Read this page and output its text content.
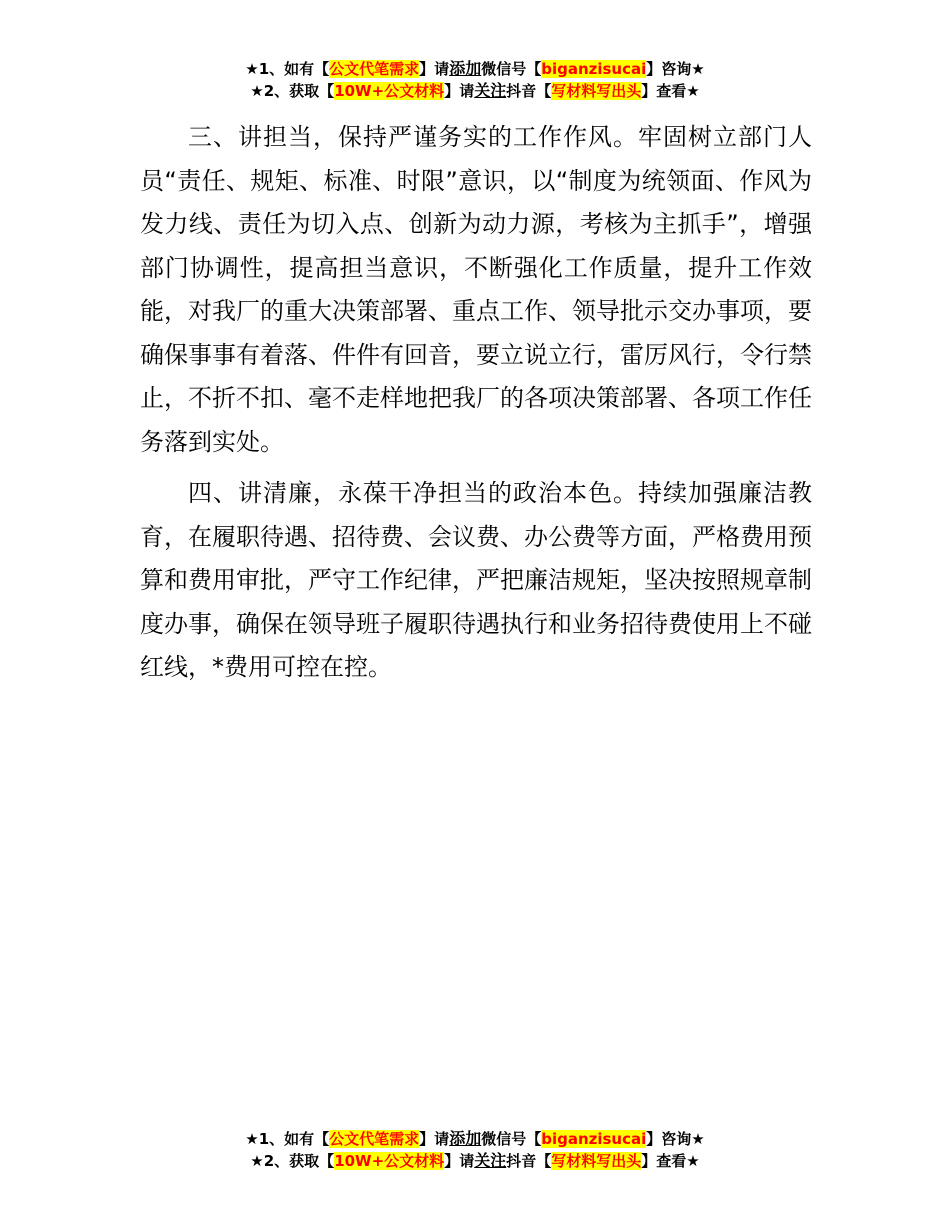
★1、如有【公文代笔需求】请添加微信号【biganzisucai】咨询★
★2、获取【10W+公文材料】请关注抖音【写材料写出头】查看★

三、讲担当，保持严谨务实的工作作风。牢固树立部门人员“责任、规矩、标准、时限”意识，以“制度为统领面、作风为发力线、责任为切入点、创新为动力源，考核为主抓手”，增强部门协调性，提高担当意识，不断强化工作质量，提升工作效能，对我厂的重大决策部署、重点工作、领导批示交办事项，要确保事事有着落、件件有回音，要立说立行，雷厉风行，令行禁止，不折不扣、毫不走样地把我厂的各项决策部署、各项工作任务落到实处。

四、讲清廉，永葆干净担当的政治本色。持续加强廉洁教育，在履职待遇、招待费、会议费、办公费等方面，严格费用预算和费用审批，严守工作纪律，严把廉洁规矩，坚决按照规章制度办事，确保在领导班子履职待遇执行和业务招待费使用上不碰红线，*费用可控在控。

★1、如有【公文代笔需求】请添加微信号【biganzisucai】咨询★
★2、获取【10W+公文材料】请关注抖音【写材料写出头】查看★
